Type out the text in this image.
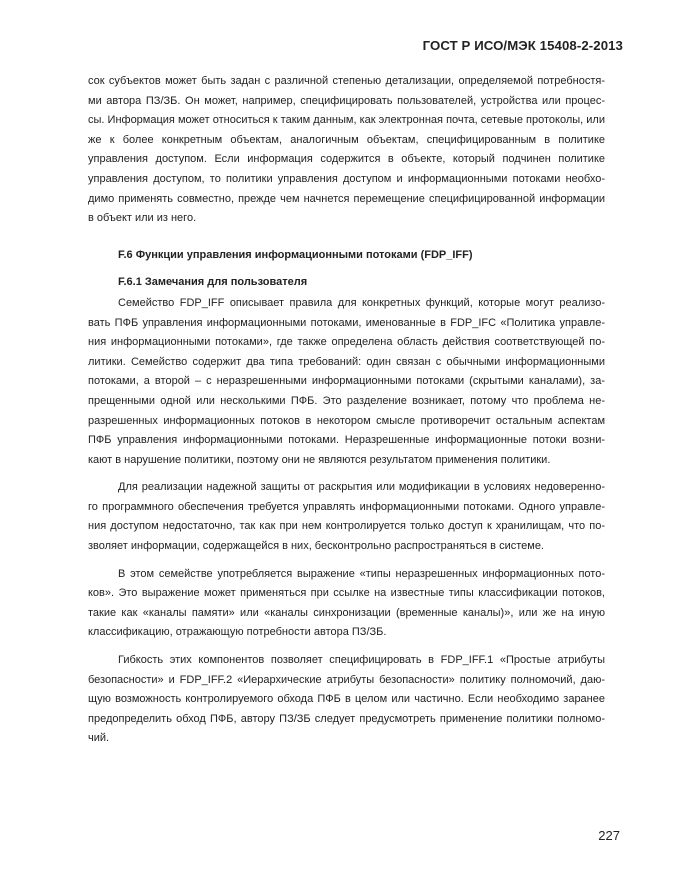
ГОСТ Р ИСО/МЭК 15408-2-2013

сок субъектов может быть задан с различной степенью детализации, определяемой потребностя-ми автора ПЗ/ЗБ. Он может, например, специфицировать пользователей, устройства или процес-сы. Информация может относиться к таким данным, как электронная почта, сетевые протоколы, или же к более конкретным объектам, аналогичным объектам, специфицированным в политике управления доступом. Если информация содержится в объекте, который подчинен политике управления доступом, то политики управления доступом и информационными потоками необхо-димо применять совместно, прежде чем начнется перемещение специфицированной информации в объект или из него.

F.6 Функции управления информационными потоками (FDP_IFF)

F.6.1 Замечания для пользователя

Семейство FDP_IFF описывает правила для конкретных функций, которые могут реализо-вать ПФБ управления информационными потоками, именованные в FDP_IFC «Политика управле-ния информационными потоками», где также определена область действия соответствующей по-литики. Семейство содержит два типа требований: один связан с обычными информационными потоками, а второй – с неразрешенными информационными потоками (скрытыми каналами), за-прещенными одной или несколькими ПФБ. Это разделение возникает, потому что проблема не-разрешенных информационных потоков в некотором смысле противоречит остальным аспектам ПФБ управления информационными потоками. Неразрешенные информационные потоки возни-кают в нарушение политики, поэтому они не являются результатом применения политики.

Для реализации надежной защиты от раскрытия или модификации в условиях недоверенно-го программного обеспечения требуется управлять информационными потоками. Одного управле-ния доступом недостаточно, так как при нем контролируется только доступ к хранилищам, что по-зволяет информации, содержащейся в них, бесконтрольно распространяться в системе.

В этом семействе употребляется выражение «типы неразрешенных информационных пото-ков». Это выражение может применяться при ссылке на известные типы классификации потоков, такие как «каналы памяти» или «каналы синхронизации (временные каналы)», или же на иную классификацию, отражающую потребности автора ПЗ/ЗБ.

Гибкость этих компонентов позволяет специфицировать в FDP_IFF.1 «Простые атрибуты безопасности» и FDP_IFF.2 «Иерархические атрибуты безопасности» политику полномочий, даю-щую возможность контролируемого обхода ПФБ в целом или частично. Если необходимо заранее предопределить обход ПФБ, автору ПЗ/ЗБ следует предусмотреть применение политики полномо-чий.

227
